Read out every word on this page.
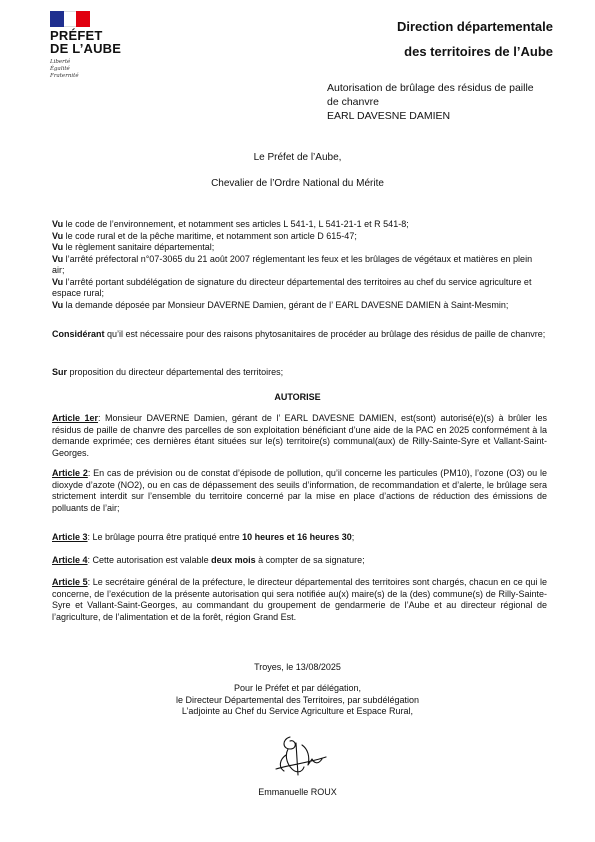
PRÉFET
DE L’AUBE
Liberté
Égalité
Fraternité
Direction départementale
des territoires de l’Aube
Autorisation de brûlage des résidus de paille
de chanvre
EARL DAVESNE DAMIEN
Le Préfet de l’Aube,
Chevalier de l’Ordre National du Mérite

Vu le code de l’environnement, et notamment ses articles L 541-1, L 541-21-1 et R 541-8;

Vu le code rural et de la pêche maritime, et notamment son article D 615-47;

Vu le règlement sanitaire départemental;

Vu l’arrêté préfectoral n°07-3065 du 21 août 2007 réglementant les feux et les brûlages de végétaux et matières en plein air;

Vu l’arrêté portant subdélégation de signature du directeur départemental des territoires au chef du service agriculture et espace rural;

Vu la demande déposée par Monsieur DAVERNE Damien, gérant de l’ EARL DAVESNE DAMIEN à Saint-Mesmin;

Considérant qu’il est nécessaire pour des raisons phytosanitaires de procéder au brûlage des résidus de paille de chanvre;
Sur proposition du directeur départemental des territoires;
AUTORISE
Article 1er: Monsieur DAVERNE Damien, gérant de l’ EARL DAVESNE DAMIEN, est(sont) autorisé(e)(s) à brûler les résidus de paille de chanvre des parcelles de son exploitation bénéficiant d’une aide de la PAC en 2025 conformément à la demande exprimée; ces dernières étant situées sur le(s) territoire(s) communal(aux) de Rilly-Sainte-Syre et Vallant-Saint-Georges.
Article 2: En cas de prévision ou de constat d’épisode de pollution, qu’il concerne les particules (PM10), l’ozone (O3) ou le dioxyde d’azote (NO2), ou en cas de dépassement des seuils d’information, de recommandation et d’alerte, le brûlage sera strictement interdit sur l’ensemble du territoire concerné par la mise en place d’actions de réduction des émissions de polluants de l’air;
Article 3: Le brûlage pourra être pratiqué entre 10 heures et 16 heures 30;
Article 4: Cette autorisation est valable deux mois à compter de sa signature;
Article 5: Le secrétaire général de la préfecture, le directeur départemental des territoires sont chargés, chacun en ce qui le concerne, de l’exécution de la présente autorisation qui sera notifiée au(x) maire(s) de la (des) commune(s) de Rilly-Sainte-Syre et Vallant-Saint-Georges, au commandant du groupement de gendarmerie de l’Aube et au directeur régional de l’agriculture, de l’alimentation et de la forêt, région Grand Est.
Troyes, le 13/08/2025
Pour le Préfet et par délégation,
le Directeur Départemental des Territoires, par subdélégation
L’adjointe au Chef du Service Agriculture et Espace Rural,
Emmanuelle ROUX
